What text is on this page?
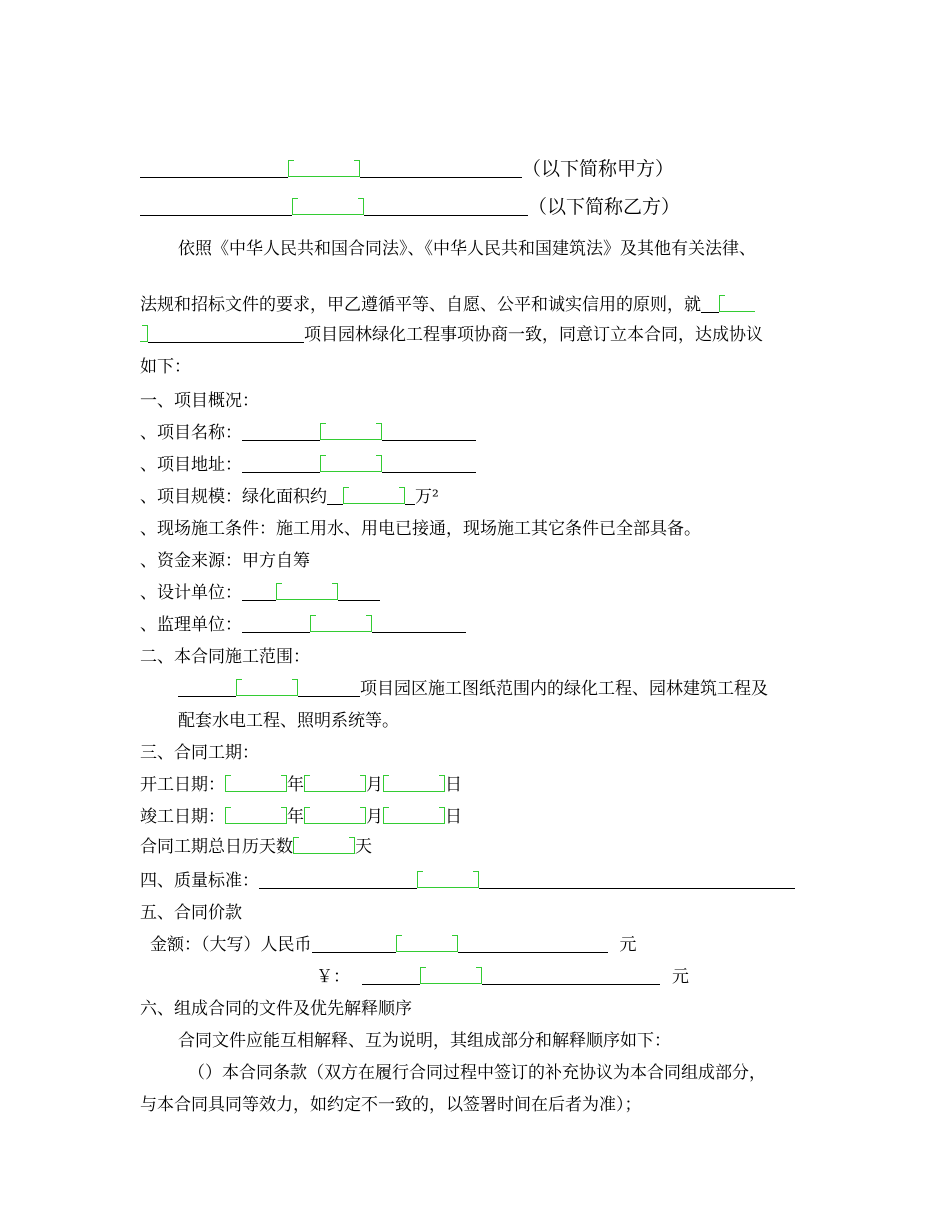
（以下简称甲方）
（以下简称乙方）
依照《中华人民共和国合同法》、《中华人民共和国建筑法》及其他有关法律、
法规和招标文件的要求，甲乙遵循平等、自愿、公平和诚实信用的原则，就
项目园林绿化工程事项协商一致，同意订立本合同，达成协议
如下：
一、项目概况：
、项目名称：
、项目地址：
、项目规模：绿化面积约	万²
、现场施工条件：施工用水、用电已接通，现场施工其它条件已全部具备。
、资金来源：甲方自筹
、设计单位：
、监理单位：
二、本合同施工范围：
项目园区施工图纸范围内的绿化工程、园林建筑工程及
配套水电工程、照明系统等。
三、合同工期：
开工日期：	年	月	日
竣工日期：	年	月	日
合同工期总日历天数	天
四、质量标准：
五、合同价款
金额：（大写）人民币	元
￥：	元
六、组成合同的文件及优先解释顺序
合同文件应能互相解释、互为说明，其组成部分和解释顺序如下：
（）本合同条款（双方在履行合同过程中签订的补充协议为本合同组成部分，
与本合同具同等效力，如约定不一致的，以签署时间在后者为准）；
